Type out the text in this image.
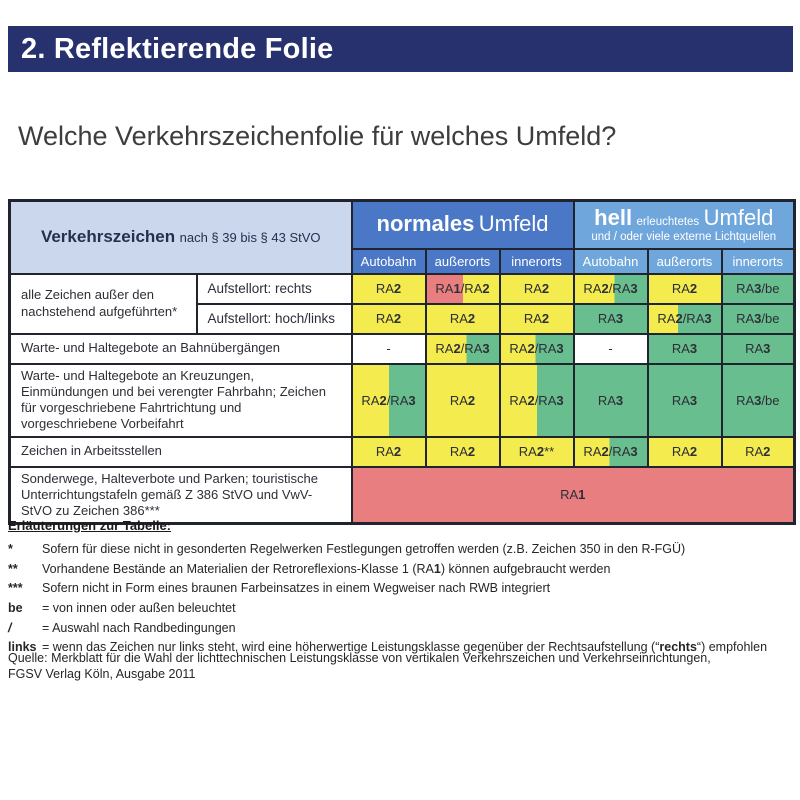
2. Reflektierende Folie
Welche Verkehrszeichenfolie für welches Umfeld?
Verkehrszeichen nach § 39 bis § 43 StVO		normales Umfeld			hell erleuchtetes Umfeld
und / oder viele externe Lichtquellen		

		Autobahn	außerorts	innerorts	Autobahn	außerorts	innerorts
alle Zeichen außer den nachstehend aufgeführten*	Aufstellort: rechts	RA2	RA1/RA2	RA2	RA2/RA3	RA2	RA3/be
	Aufstellort: hoch/links	RA2	RA2	RA2	RA3	RA2/RA3	RA3/be
Warte- und Haltegebote an Bahnübergängen		-	RA2/RA3	RA2/RA3	-	RA3	RA3
Warte- und Haltegebote an Kreuzungen, Einmündungen und bei verengter Fahrbahn; Zeichen für vorgeschriebene Fahrtrichtung und vorgeschriebene Vorbeifahrt		RA2/RA3	RA2	RA2/RA3	RA3	RA3	RA3/be
Zeichen in Arbeitsstellen		RA2	RA2	RA2**	RA2/RA3	RA2	RA2
Sonderwege, Halteverbote und Parken; touristische Unterrichtungstafeln gemäß Z 386 StVO und VwV-StVO zu Zeichen 386***		RA1					

Erläuterungen zur Tabelle:

*	Sofern für diese nicht in gesonderten Regelwerken Festlegungen getroffen werden (z.B. Zeichen 350 in den R-FGÜ)
**	Vorhandene Bestände an Materialien der Retroreflexions-Klasse 1 (RA1) können aufgebraucht werden
***	Sofern nicht in Form eines braunen Farbeinsatzes in einem Wegweiser nach RWB integriert
be	= von innen oder außen beleuchtet
/	= Auswahl nach Randbedingungen
links = wenn das Zeichen nur links steht, wird eine höherwertige Leistungsklasse gegenüber der Rechtsaufstellung (“rechts“) empfohlen
Quelle: Merkblatt für die Wahl der lichttechnischen Leistungsklasse von vertikalen Verkehrszeichen und Verkehrseinrichtungen,
FGSV Verlag Köln, Ausgabe 2011
